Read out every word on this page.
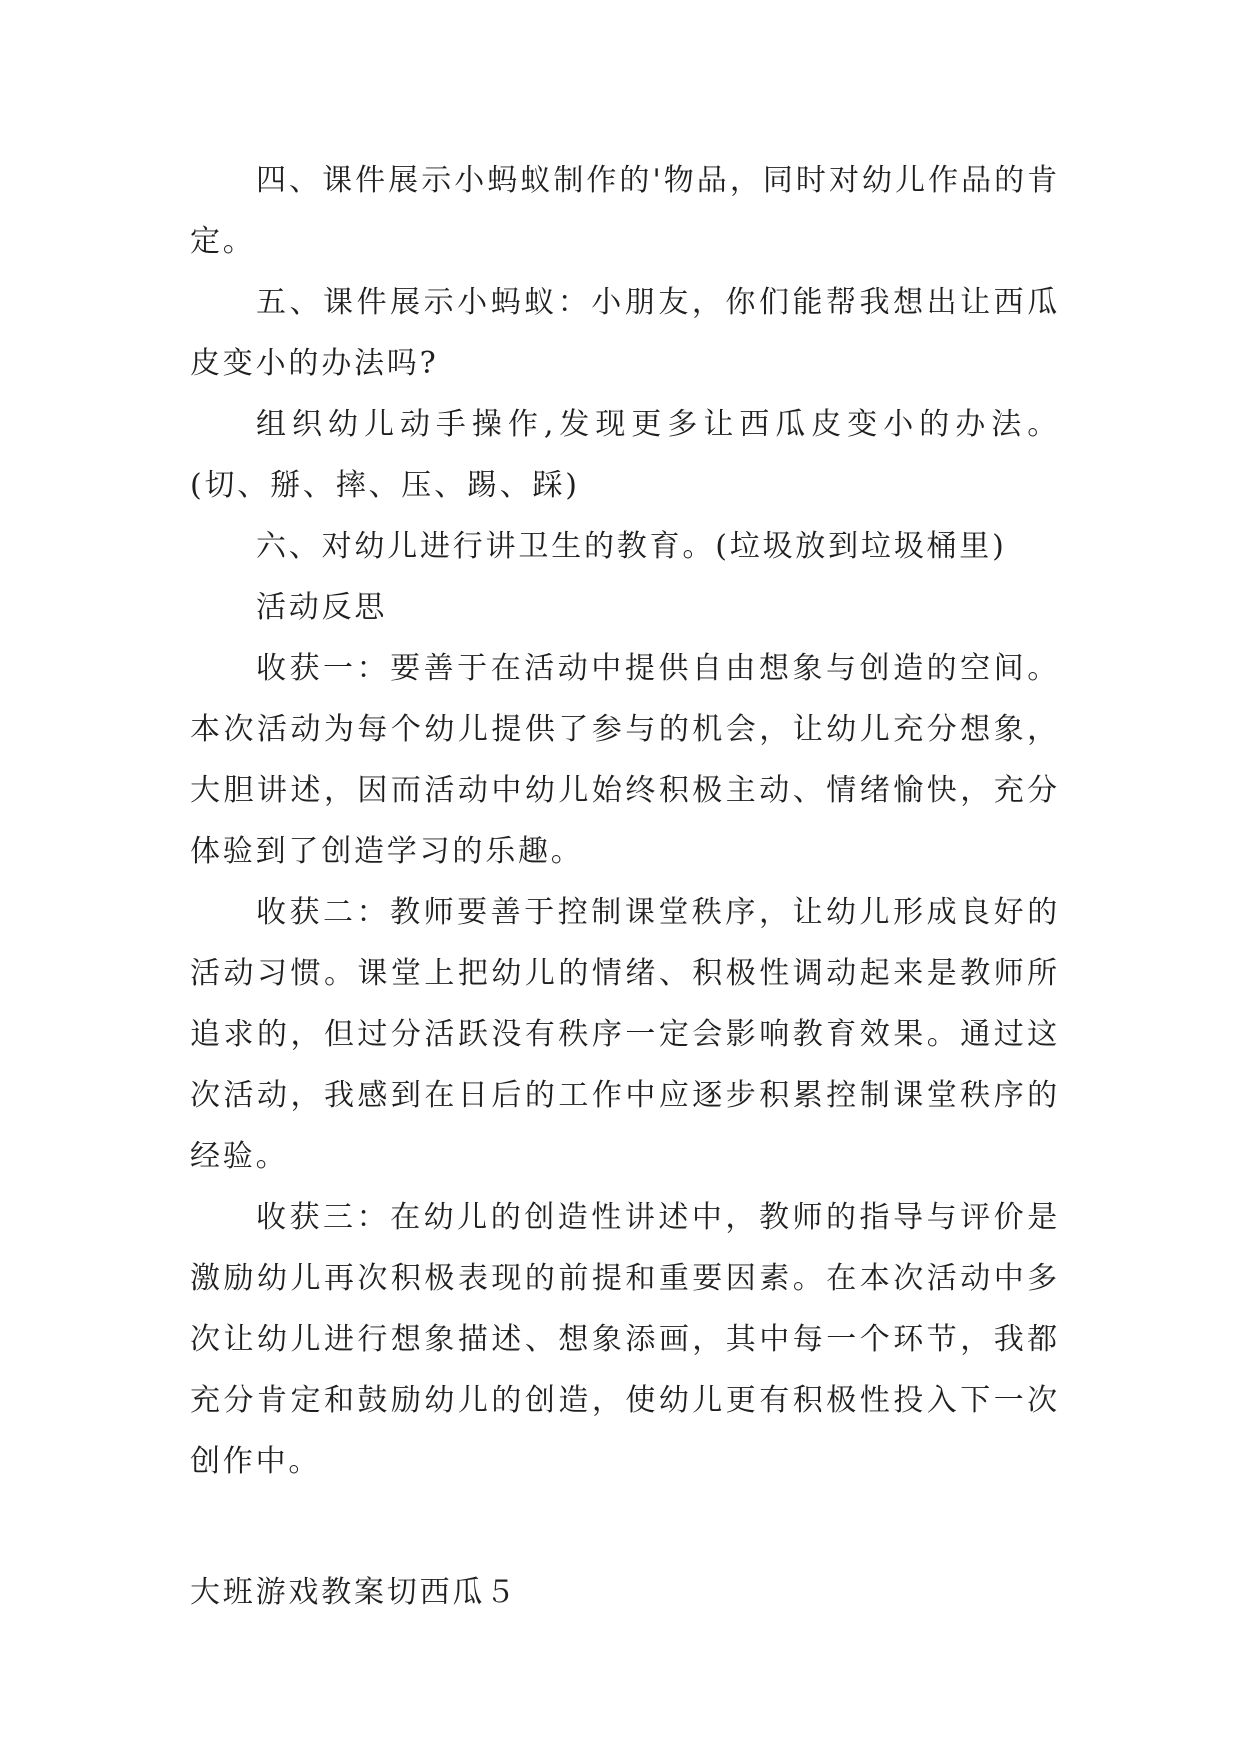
四、课件展示小蚂蚁制作的'物品，同时对幼儿作品的肯定。

五、课件展示小蚂蚁：小朋友，你们能帮我想出让西瓜皮变小的办法吗?

组织幼儿动手操作,发现更多让西瓜皮变小的办法。(切、掰、摔、压、踢、踩)

六、对幼儿进行讲卫生的教育。(垃圾放到垃圾桶里)

活动反思

收获一：要善于在活动中提供自由想象与创造的空间。本次活动为每个幼儿提供了参与的机会，让幼儿充分想象，大胆讲述，因而活动中幼儿始终积极主动、情绪愉快，充分体验到了创造学习的乐趣。

收获二：教师要善于控制课堂秩序，让幼儿形成良好的活动习惯。课堂上把幼儿的情绪、积极性调动起来是教师所追求的，但过分活跃没有秩序一定会影响教育效果。通过这次活动，我感到在日后的工作中应逐步积累控制课堂秩序的经验。

收获三：在幼儿的创造性讲述中，教师的指导与评价是激励幼儿再次积极表现的前提和重要因素。在本次活动中多次让幼儿进行想象描述、想象添画，其中每一个环节，我都充分肯定和鼓励幼儿的创造，使幼儿更有积极性投入下一次创作中。

大班游戏教案切西瓜５
